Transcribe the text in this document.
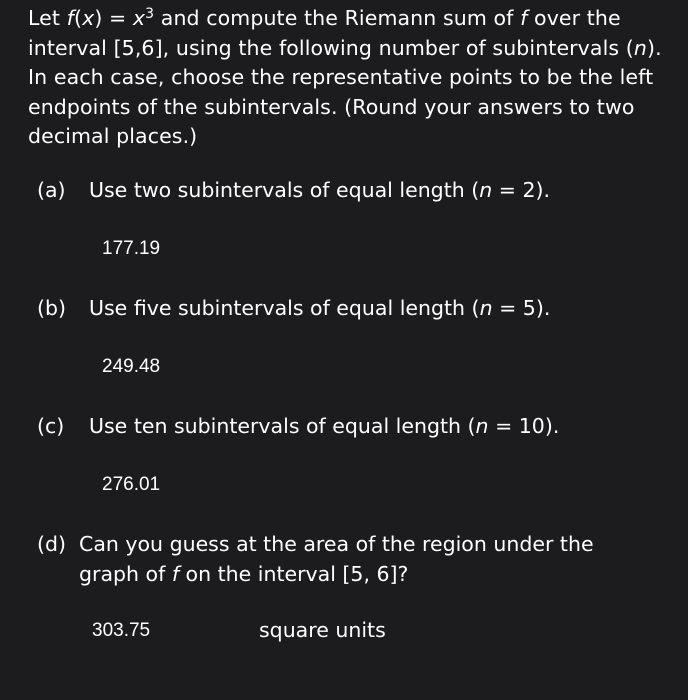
Let $f(x) = x^3$ and compute the Riemann sum of f over the interval [5,6], using the following number of subintervals (n). In each case, choose the representative points to be the left endpoints of the subintervals. (Round your answers to two decimal places.)
(a) Use two subintervals of equal length (n = 2).
177.19
(b) Use five subintervals of equal length (n = 5).
249.48
(c) Use ten subintervals of equal length (n = 10).
276.01
(d) Can you guess at the area of the region under the
graph of f on the interval [5, 6]?
303.75	square units
